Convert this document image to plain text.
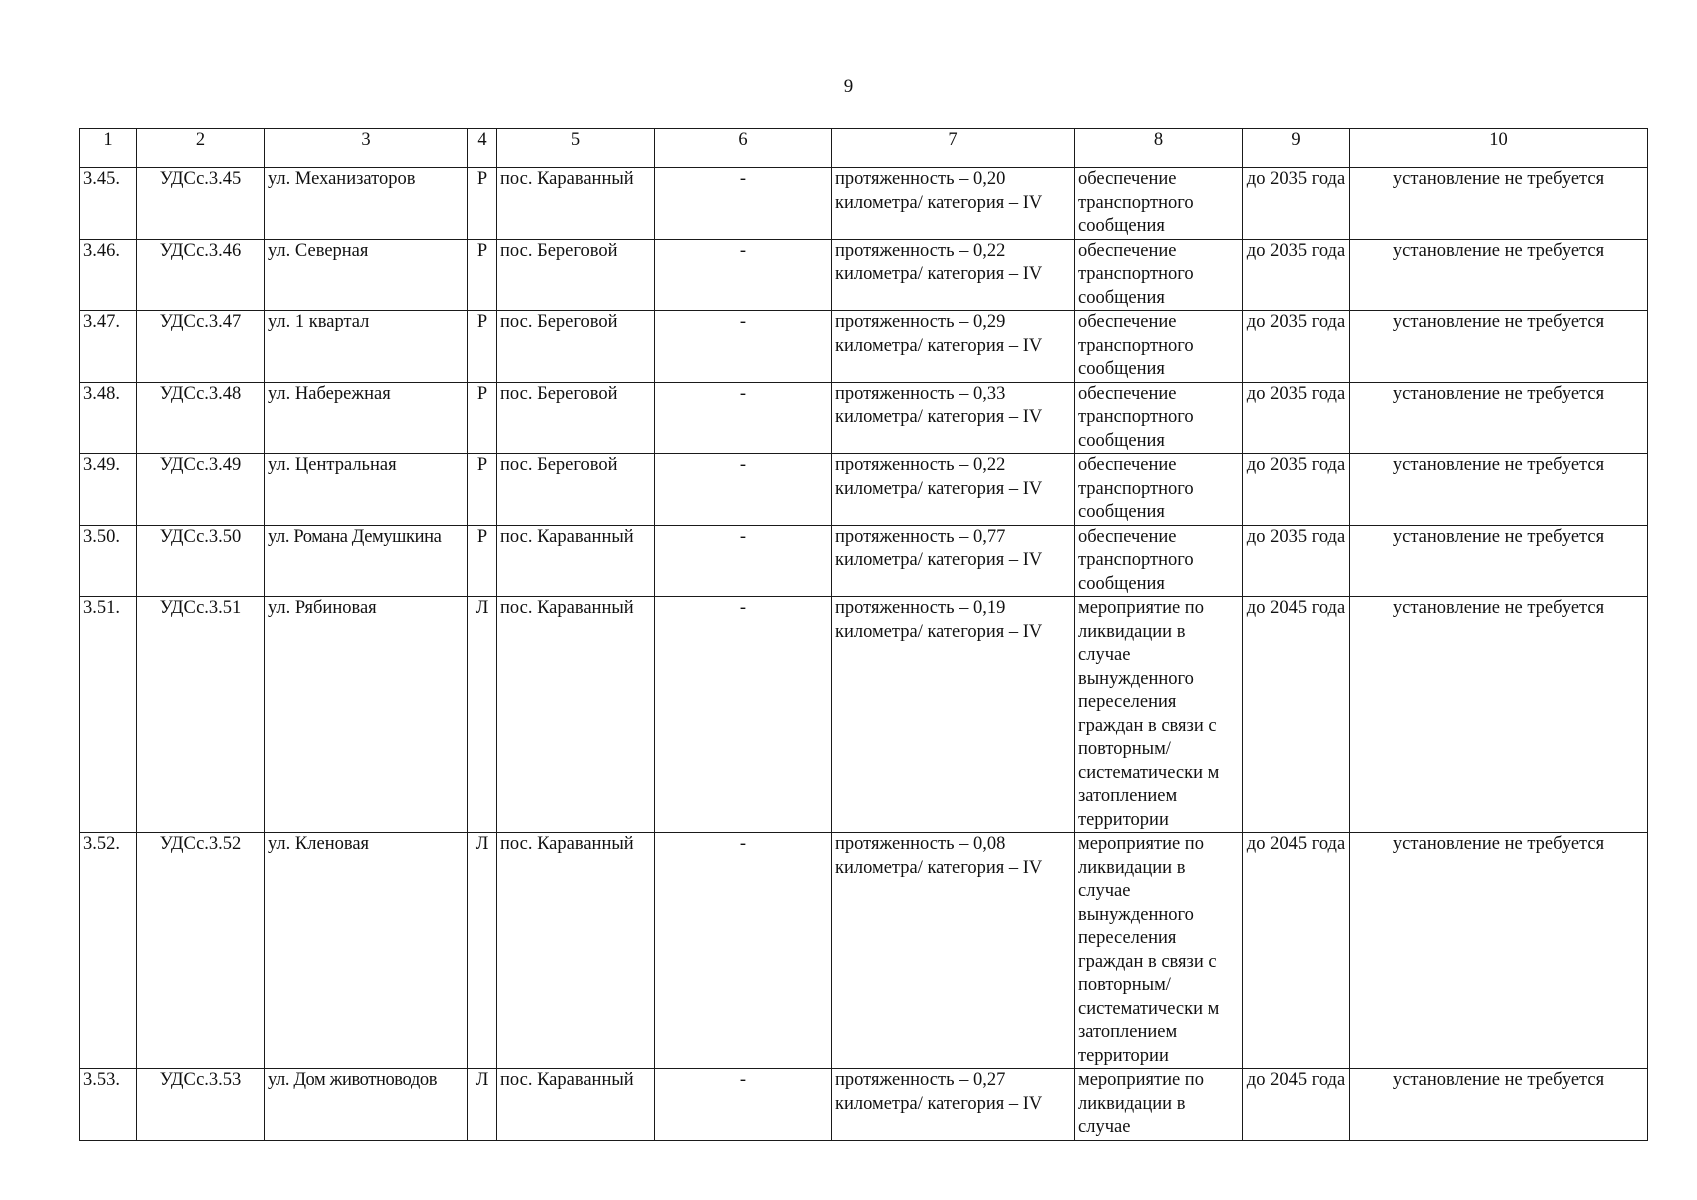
9
1	2	3	4	5	6	7	8	9	10
3.45.	УДСс.3.45	ул. Механизаторов	Р	пос. Караванный	-	протяженность – 0,20 километра/ категория – IV	обеспечение транспортного сообщения	до 2035 года	установление не требуется
3.46.	УДСс.3.46	ул. Северная	Р	пос. Береговой	-	протяженность – 0,22 километра/ категория – IV	обеспечение транспортного сообщения	до 2035 года	установление не требуется
3.47.	УДСс.3.47	ул. 1 квартал	Р	пос. Береговой	-	протяженность – 0,29 километра/ категория – IV	обеспечение транспортного сообщения	до 2035 года	установление не требуется
3.48.	УДСс.3.48	ул. Набережная	Р	пос. Береговой	-	протяженность – 0,33 километра/ категория – IV	обеспечение транспортного сообщения	до 2035 года	установление не требуется
3.49.	УДСс.3.49	ул. Центральная	Р	пос. Береговой	-	протяженность – 0,22 километра/ категория – IV	обеспечение транспортного сообщения	до 2035 года	установление не требуется
3.50.	УДСс.3.50	ул. Романа Демушкина	Р	пос. Караванный	-	протяженность – 0,77 километра/ категория – IV	обеспечение транспортного сообщения	до 2035 года	установление не требуется
3.51.	УДСс.3.51	ул. Рябиновая	Л	пос. Караванный	-	протяженность – 0,19 километра/ категория – IV	мероприятие по ликвидации в случае вынужденного переселения граждан в связи с повторным/ систематически м затоплением территории	до 2045 года	установление не требуется
3.52.	УДСс.3.52	ул. Кленовая	Л	пос. Караванный	-	протяженность – 0,08 километра/ категория – IV	мероприятие по ликвидации в случае вынужденного переселения граждан в связи с повторным/ систематически м затоплением территории	до 2045 года	установление не требуется
3.53.	УДСс.3.53	ул. Дом животноводов	Л	пос. Караванный	-	протяженность – 0,27 километра/ категория – IV	мероприятие по ликвидации в случае	до 2045 года	установление не требуется
